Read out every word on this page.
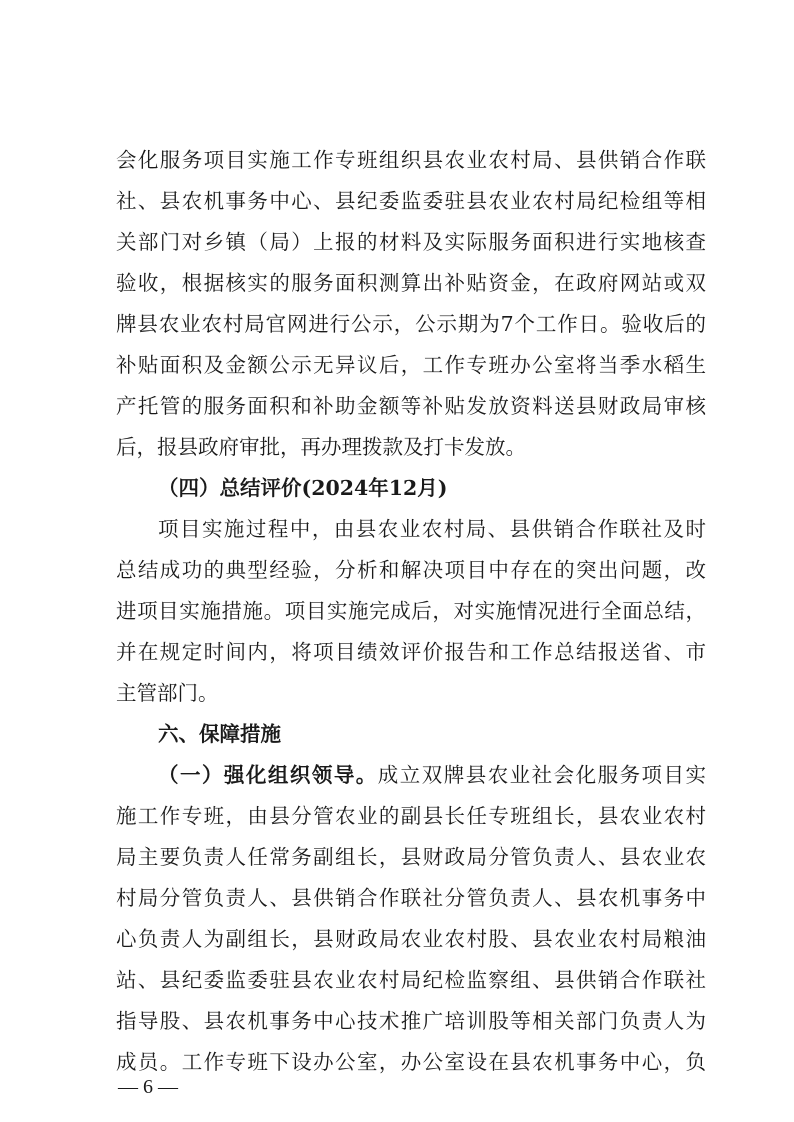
会化服务项目实施工作专班组织县农业农村局、县供销合作联
社、县农机事务中心、县纪委监委驻县农业农村局纪检组等相
关部门对乡镇（局）上报的材料及实际服务面积进行实地核查
验收，根据核实的服务面积测算出补贴资金，在政府网站或双
牌县农业农村局官网进行公示，公示期为7个工作日。验收后的
补贴面积及金额公示无异议后，工作专班办公室将当季水稻生
产托管的服务面积和补助金额等补贴发放资料送县财政局审核
后，报县政府审批，再办理拨款及打卡发放。
（四）总结评价(2024年12月)
项目实施过程中，由县农业农村局、县供销合作联社及时
总结成功的典型经验，分析和解决项目中存在的突出问题，改
进项目实施措施。项目实施完成后，对实施情况进行全面总结，
并在规定时间内，将项目绩效评价报告和工作总结报送省、市
主管部门。
六、保障措施
（一）强化组织领导。成立双牌县农业社会化服务项目实
施工作专班，由县分管农业的副县长任专班组长，县农业农村
局主要负责人任常务副组长，县财政局分管负责人、县农业农
村局分管负责人、县供销合作联社分管负责人、县农机事务中
心负责人为副组长，县财政局农业农村股、县农业农村局粮油
站、县纪委监委驻县农业农村局纪检监察组、县供销合作联社
指导股、县农机事务中心技术推广培训股等相关部门负责人为
成员。工作专班下设办公室，办公室设在县农机事务中心，负
— 6 —
